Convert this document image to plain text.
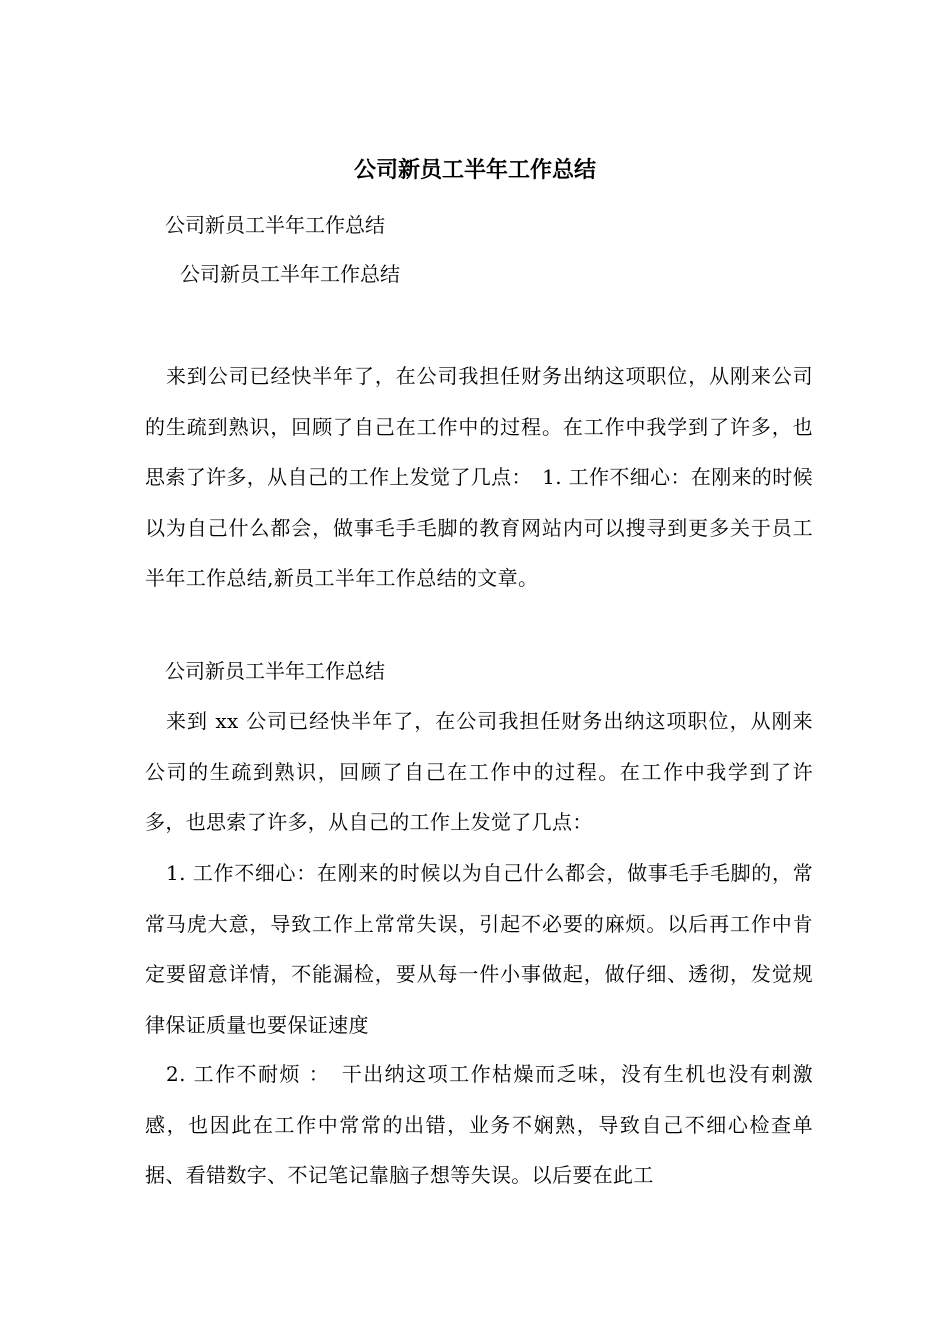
公司新员工半年工作总结
公司新员工半年工作总结
公司新员工半年工作总结
来到公司已经快半年了，在公司我担任财务出纳这项职位，从刚来公司的生疏到熟识，回顾了自己在工作中的过程。在工作中我学到了许多，也思索了许多，从自己的工作上发觉了几点：　1. 工作不细心：在刚来的时候以为自己什么都会，做事毛手毛脚的教育网站内可以搜寻到更多关于员工半年工作总结,新员工半年工作总结的文章。
公司新员工半年工作总结
来到 xx 公司已经快半年了，在公司我担任财务出纳这项职位，从刚来公司的生疏到熟识，回顾了自己在工作中的过程。在工作中我学到了许多，也思索了许多，从自己的工作上发觉了几点：
1. 工作不细心：在刚来的时候以为自己什么都会，做事毛手毛脚的，常常马虎大意，导致工作上常常失误，引起不必要的麻烦。以后再工作中肯定要留意详情，不能漏检，要从每一件小事做起，做仔细、透彻，发觉规律保证质量也要保证速度
2. 工作不耐烦 ：　干出纳这项工作枯燥而乏味，没有生机也没有刺激感，也因此在工作中常常的出错，业务不娴熟，导致自己不细心检查单据、看错数字、不记笔记靠脑子想等失误。以后要在此工
